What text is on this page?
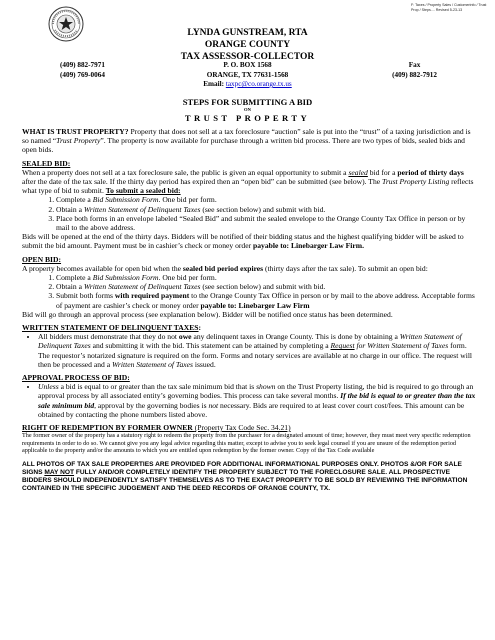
F: Taxes / Property Sales / Customerinfo / Trust Prop / Steps.... Revised 5-23-13
LYNDA GUNSTREAM, RTA
ORANGE COUNTY
TAX ASSESSOR-COLLECTOR
(409) 882-7971
(409) 769-0064
P. O. BOX 1568
ORANGE, TX 77631-1568
Email: taxpc@co.orange.tx.us
Fax
(409) 882-7912
STEPS FOR SUBMITTING A BID
ON
TRUST PROPERTY

WHAT IS TRUST PROPERTY? Property that does not sell at a tax foreclosure “auction” sale is put into the “trust” of a taxing jurisdiction and is so named “Trust Property”. The property is now available for purchase through a written bid process. There are two types of bids, sealed bids and open bids.

SEALED BID:

When a property does not sell at a tax foreclosure sale, the public is given an equal opportunity to submit a sealed bid for a period of thirty days after the date of the tax sale. If the thirty day period has expired then an “open bid” can be submitted (see below). The Trust Property Listing reflects what type of bid to submit. To submit a sealed bid:

1. Complete a Bid Submission Form. One bid per form.
2. Obtain a Written Statement of Delinquent Taxes (see section below) and submit with bid.
3. Place both forms in an envelope labeled “Sealed Bid” and submit the sealed envelope to the Orange County Tax Office in person or by mail to the above address.

Bids will be opened at the end of the thirty days. Bidders will be notified of their bidding status and the highest qualifying bidder will be asked to submit the bid amount. Payment must be in cashier’s check or money order payable to: Linebarger Law Firm.

OPEN BID:

A property becomes available for open bid when the sealed bid period expires (thirty days after the tax sale). To submit an open bid:

1. Complete a Bid Submission Form. One bid per form.
2. Obtain a Written Statement of Delinquent Taxes (see section below) and submit with bid.
3. Submit both forms with required payment to the Orange County Tax Office in person or by mail to the above address. Acceptable forms of payment are cashier’s check or money order payable to: Linebarger Law Firm

Bid will go through an approval process (see explanation below). Bidder will be notified once status has been determined.

WRITTEN STATEMENT OF DELINQUENT TAXES:

• All bidders must demonstrate that they do not owe any delinquent taxes in Orange County. This is done by obtaining a Written Statement of Delinquent Taxes and submitting it with the bid. This statement can be attained by completing a Request for Written Statement of Taxes form. The requestor’s notarized signature is required on the form. Forms and notary services are available at no charge in our office. The request will then be processed and a Written Statement of Taxes issued.

APPROVAL PROCESS OF BID:

• Unless a bid is equal to or greater than the tax sale minimum bid that is shown on the Trust Property listing, the bid is required to go through an approval process by all associated entity’s governing bodies. This process can take several months. If the bid is equal to or greater than the tax sale minimum bid, approval by the governing bodies is not necessary. Bids are required to at least cover court cost/fees. This amount can be obtained by contacting the phone numbers listed above.

RIGHT OF REDEMPTION BY FORMER OWNER (Property Tax Code Sec. 34.21)

The former owner of the property has a statutory right to redeem the property from the purchaser for a designated amount of time; however, they must meet very specific redemption requirements in order to do so. We cannot give you any legal advice regarding this matter, except to advise you to seek legal counsel if you are unsure of the redemption period applicable to the property and/or the amounts to which you are entitled upon redemption by the former owner. Copy of the Tax Code available

ALL PHOTOS OF TAX SALE PROPERTIES ARE PROVIDED FOR ADDITIONAL INFORMATIONAL PURPOSES ONLY. PHOTOS &/OR FOR SALE SIGNS MAY NOT FULLY AND/OR COMPLETELY IDENTIFY THE PROPERTY SUBJECT TO THE FORECLOSURE SALE. ALL PROSPECTIVE BIDDERS SHOULD INDEPENDENTLY SATISFY THEMSELVES AS TO THE EXACT PROPERTY TO BE SOLD BY REVIEWING THE INFORMATION CONTAINED IN THE SPECIFIC JUDGEMENT AND THE DEED RECORDS OF ORANGE COUNTY, TX.
